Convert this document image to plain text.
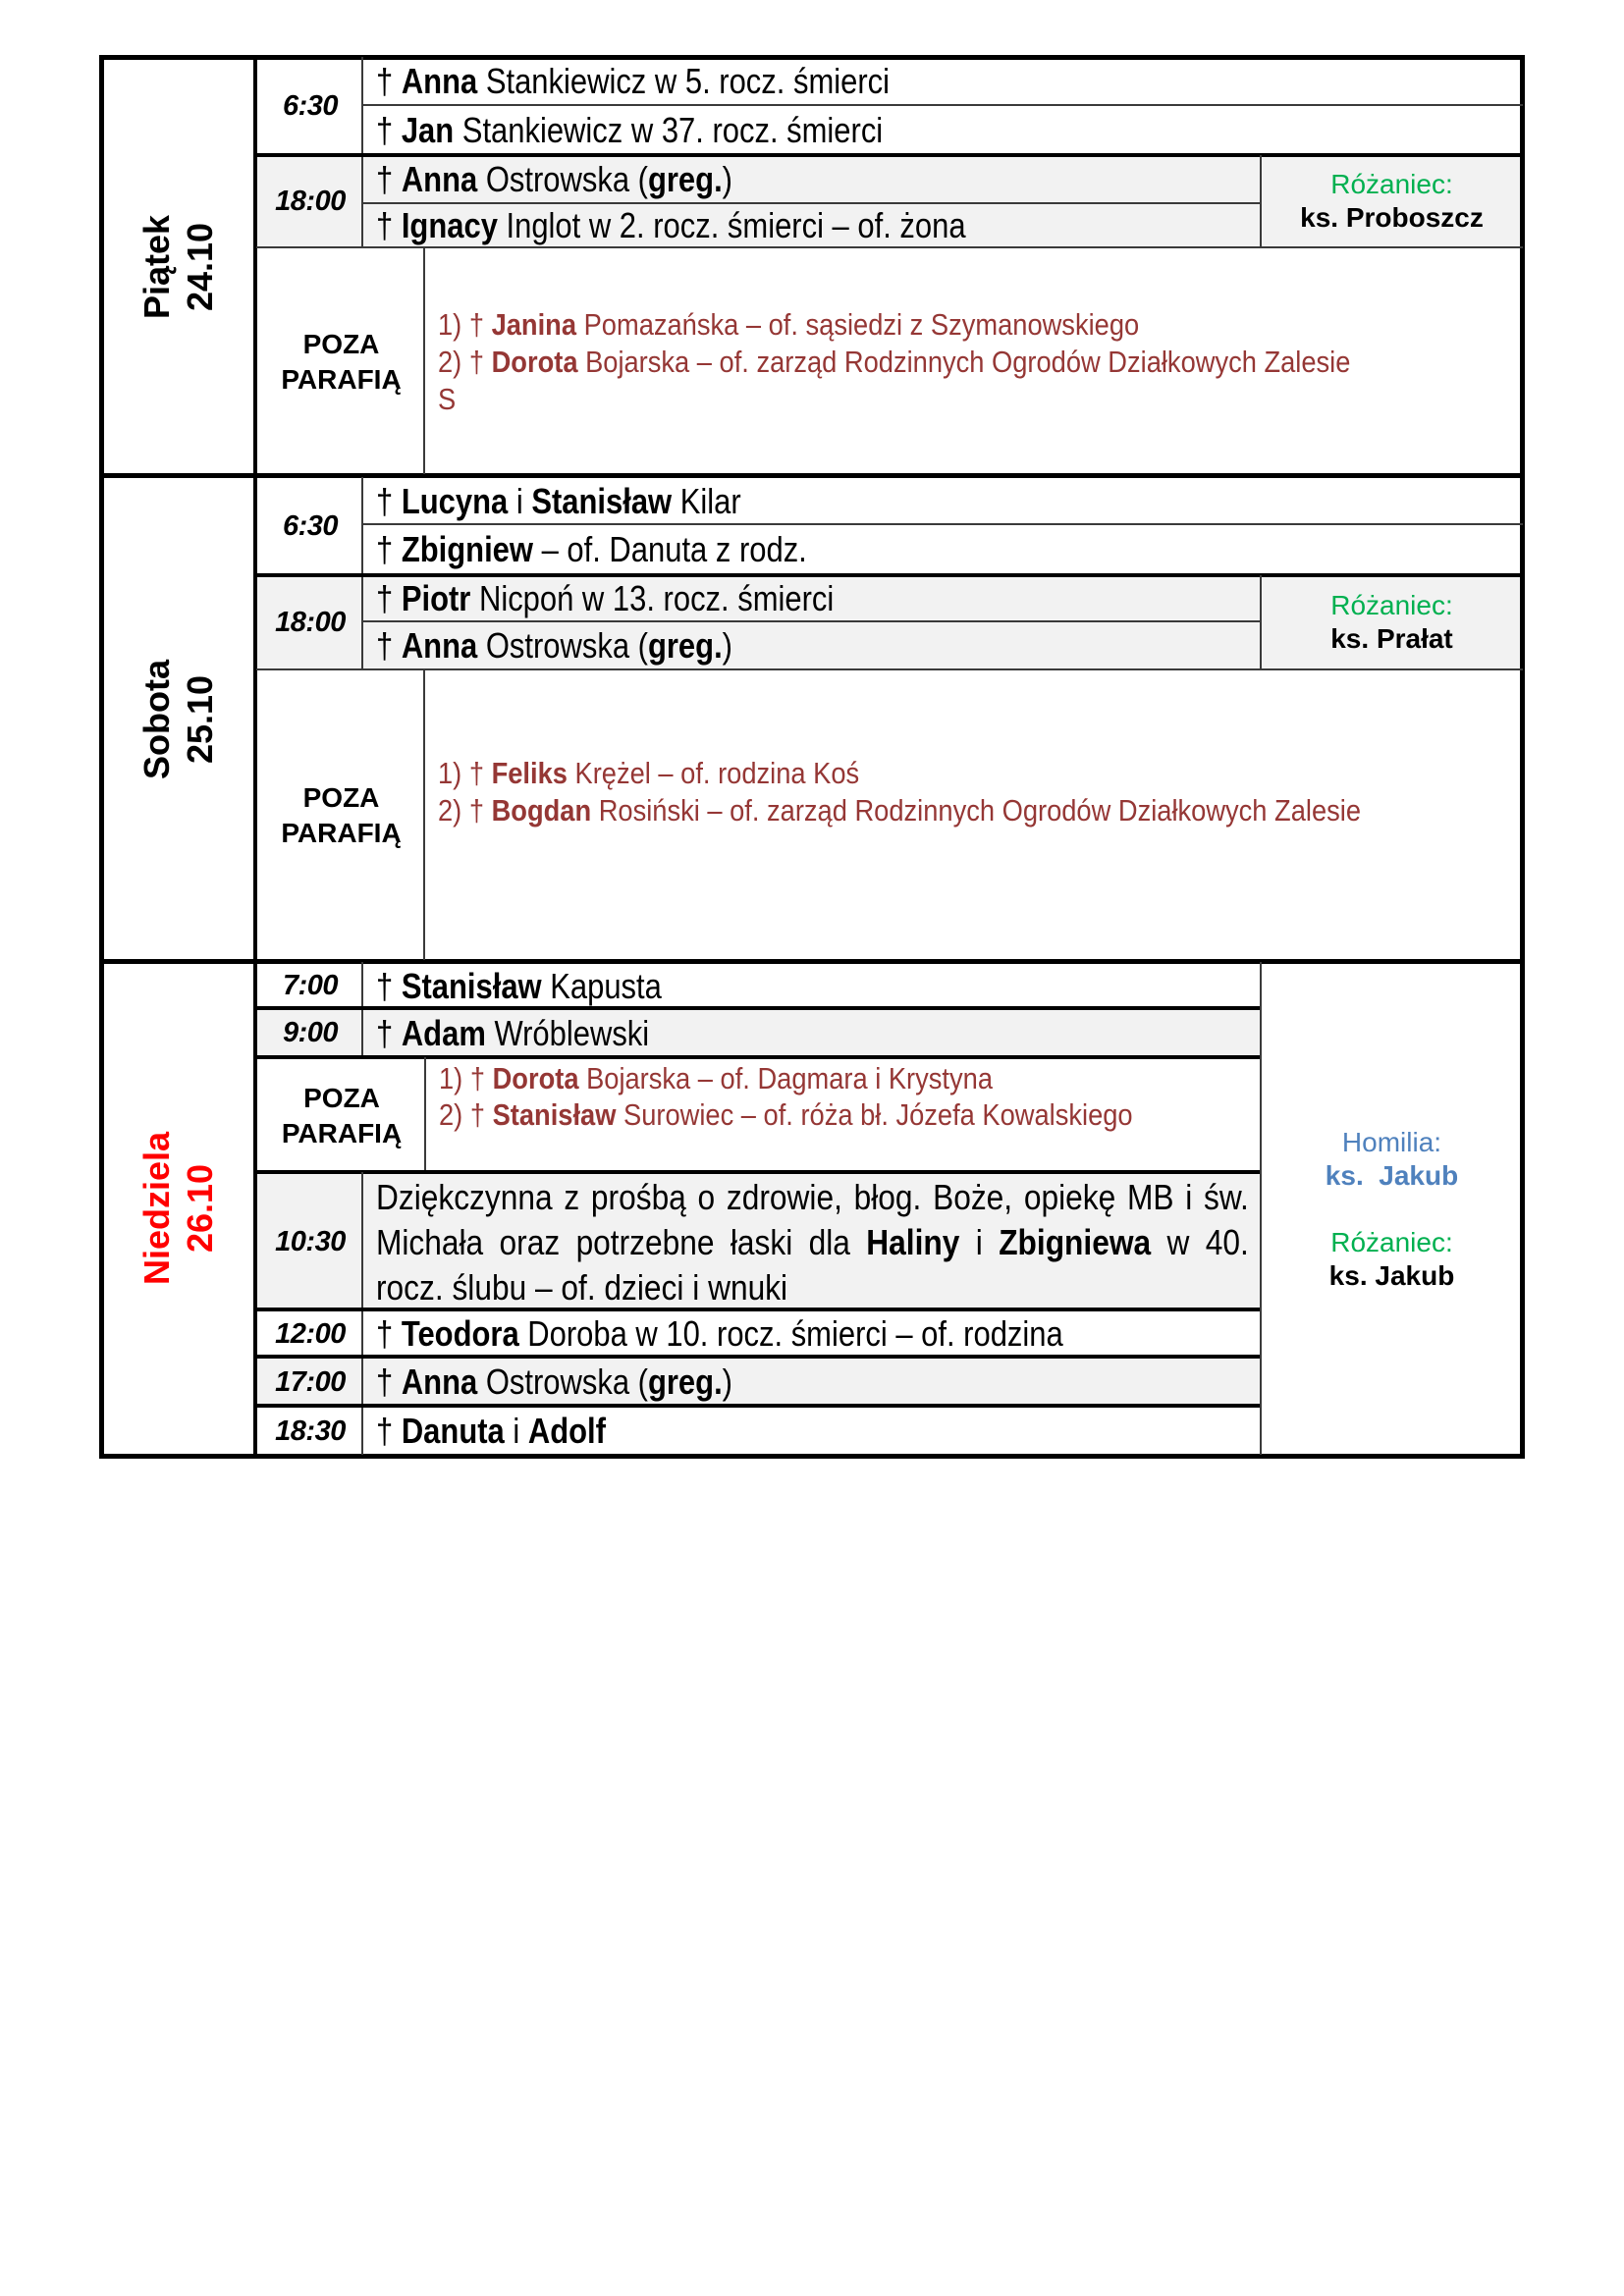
Piątek 24.10
Sobota 25.10
Niedziela 26.10
6:30
† Anna Stankiewicz w 5. rocz. śmierci
† Jan Stankiewicz w 37. rocz. śmierci
18:00
† Anna Ostrowska (greg.)
† Ignacy Inglot w 2. rocz. śmierci – of. żona
Różaniec:
ks. Proboszcz
POZA
PARAFIĄ
1) † Janina Pomazańska – of. sąsiedzi z Szymanowskiego
2) † Dorota Bojarska – of. zarząd Rodzinnych Ogrodów Działkowych Zalesie
S
6:30
† Lucyna i Stanisław Kilar
† Zbigniew – of. Danuta z rodz.
18:00
† Piotr Nicpoń w 13. rocz. śmierci
† Anna Ostrowska (greg.)
Różaniec:
ks. Prałat
POZA
PARAFIĄ
1) † Feliks Krężel – of. rodzina Koś
2) † Bogdan Rosiński – of. zarząd Rodzinnych Ogrodów Działkowych Zalesie
7:00	† Stanisław Kapusta
9:00	† Adam Wróblewski
POZA
PARAFIĄ
1) † Dorota Bojarska – of. Dagmara i Krystyna
2) † Stanisław Surowiec – of. róża bł. Józefa Kowalskiego
10:30
Dziękczynna z prośbą o zdrowie, błog. Boże, opiekę MB i św. Michała oraz potrzebne łaski dla Haliny i Zbigniewa w 40. rocz. ślubu – of. dzieci i wnuki
12:00 † Teodora Doroba w 10. rocz. śmierci – of. rodzina
17:00 † Anna Ostrowska (greg.)
18:30 † Danuta i Adolf
Homilia:
ks.  Jakub
Różaniec:
ks. Jakub
